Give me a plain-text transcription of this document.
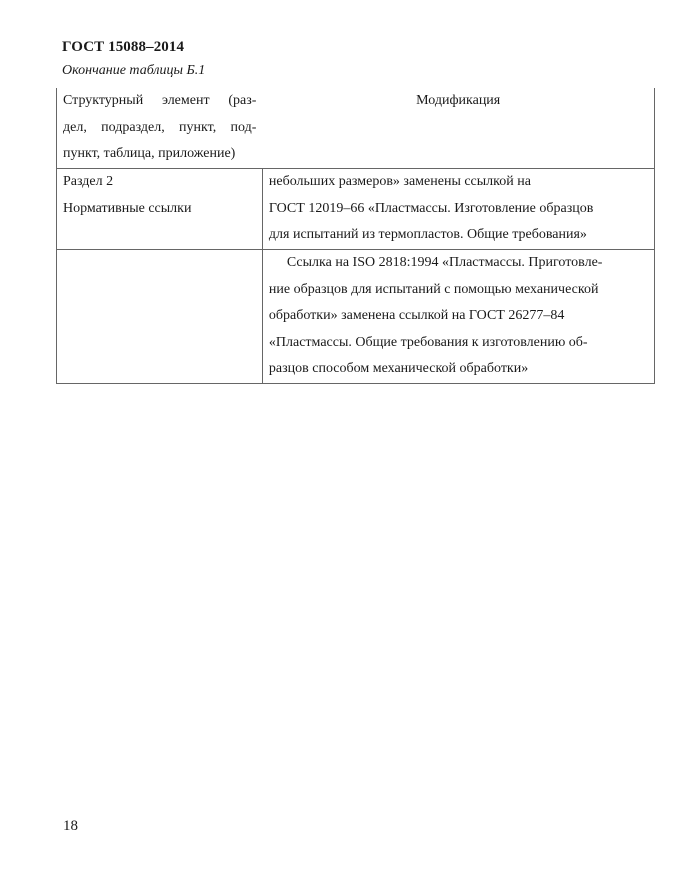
ГОСТ 15088–2014
Окончание таблицы Б.1
Структурный элемент (раз-
дел, подраздел, пункт, под-
пункт, таблица, приложение)	Модификация

Раздел 2
Нормативные ссылки	небольших размеров» заменены ссылкой на
ГОСТ 12019–66 «Пластмассы. Изготовление образцов
для испытаний из термопластов. Общие требования»

	Ссылка на ISO 2818:1994 «Пластмассы. Приготовле-
ние образцов для испытаний с помощью механической
обработки» заменена ссылкой на ГОСТ 26277–84
«Пластмассы. Общие требования к изготовлению об-
разцов способом механической обработки»
18
